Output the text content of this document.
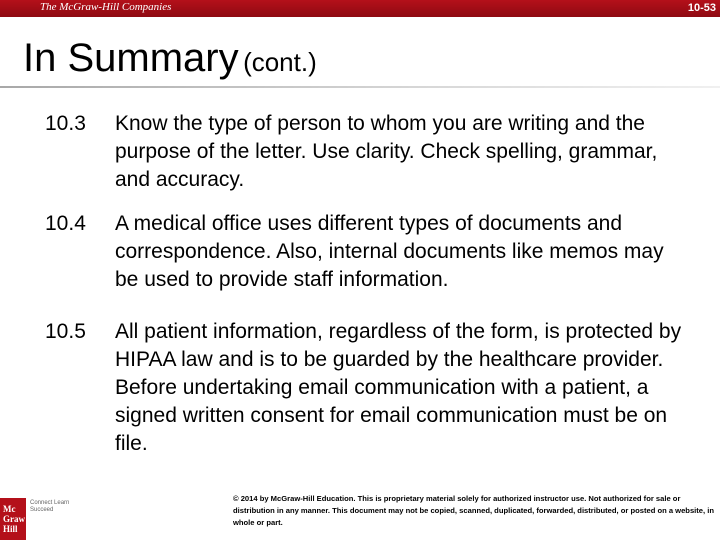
The McGraw-Hill Companies	10-53
In Summary (cont.)
10.3 Know the type of person to whom you are writing and the purpose of the letter. Use clarity. Check spelling, grammar, and accuracy.
10.4 A medical office uses different types of documents and correspondence. Also, internal documents like memos may be used to provide staff information.
10.5 All patient information, regardless of the form, is protected by HIPAA law and is to be guarded by the healthcare provider. Before undertaking email communication with a patient, a signed written consent for email communication must be on file.
Mc Graw Hill
Connect Learn Succeed
© 2014 by McGraw-Hill Education. This is proprietary material solely for authorized instructor use. Not authorized for sale or distribution in any manner. This document may not be copied, scanned, duplicated, forwarded, distributed, or posted on a website, in whole or part.
